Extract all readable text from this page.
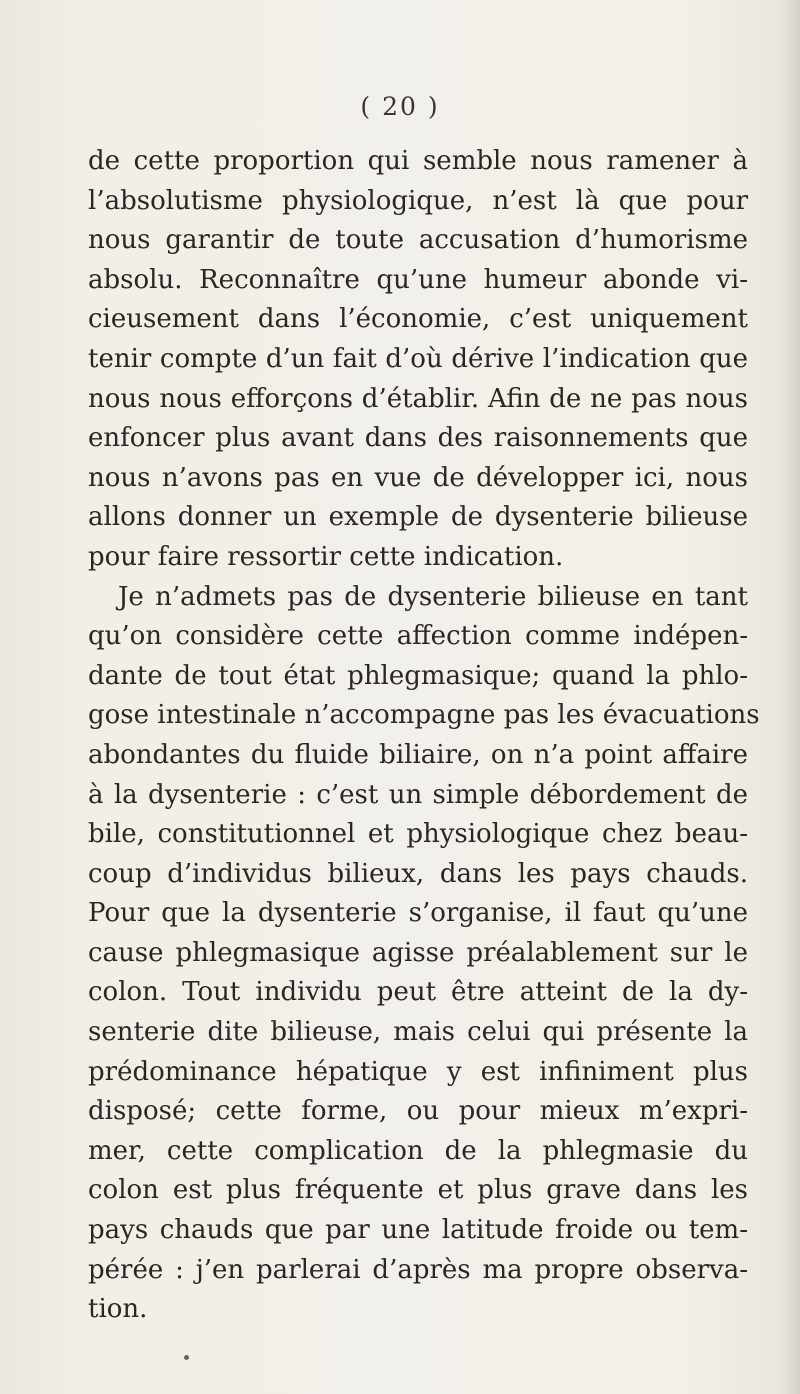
( 20 )
de cette proportion qui semble nous ramener à
l’absolutisme physiologique, n’est là que pour
nous garantir de toute accusation d’humorisme
absolu. Reconnaître qu’une humeur abonde vi-
cieusement dans l’économie, c’est uniquement
tenir compte d’un fait d’où dérive l’indication que
nous nous efforçons d’établir. Afin de ne pas nous
enfoncer plus avant dans des raisonnements que
nous n’avons pas en vue de développer ici, nous
allons donner un exemple de dysenterie bilieuse
pour faire ressortir cette indication.
Je n’admets pas de dysenterie bilieuse en tant
qu’on considère cette affection comme indépen-
dante de tout état phlegmasique; quand la phlo-
gose intestinale n’accompagne pas les évacuations
abondantes du fluide biliaire, on n’a point affaire
à la dysenterie : c’est un simple débordement de
bile, constitutionnel et physiologique chez beau-
coup d’individus bilieux, dans les pays chauds.
Pour que la dysenterie s’organise, il faut qu’une
cause phlegmasique agisse préalablement sur le
colon. Tout individu peut être atteint de la dy-
senterie dite bilieuse, mais celui qui présente la
prédominance hépatique y est infiniment plus
disposé; cette forme, ou pour mieux m’expri-
mer, cette complication de la phlegmasie du
colon est plus fréquente et plus grave dans les
pays chauds que par une latitude froide ou tem-
pérée : j’en parlerai d’après ma propre observa-
tion.
